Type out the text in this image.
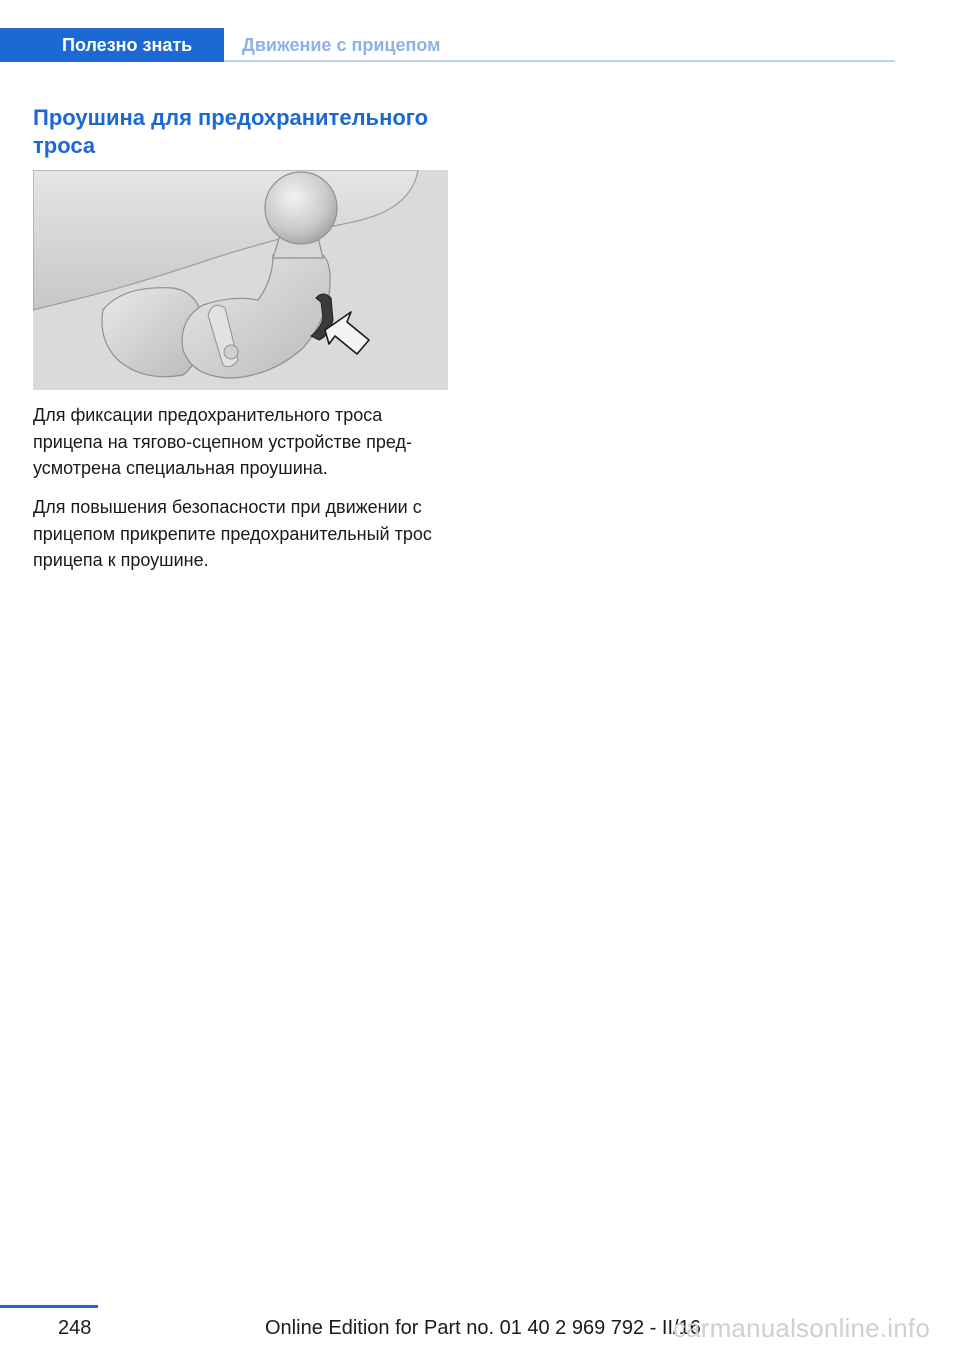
Полезно знать	Движение с прицепом
Проушина для предохранительного троса

Для фиксации предохранительного троса прицепа на тягово-сцепном устройстве пред‐ усмотрена специальная проушина.

Для повышения безопасности при движении с прицепом прикрепите предохранительный трос прицепа к проушине.

248	Online Edition for Part no. 01 40 2 969 792 - II/16
carmanualsonline.info
